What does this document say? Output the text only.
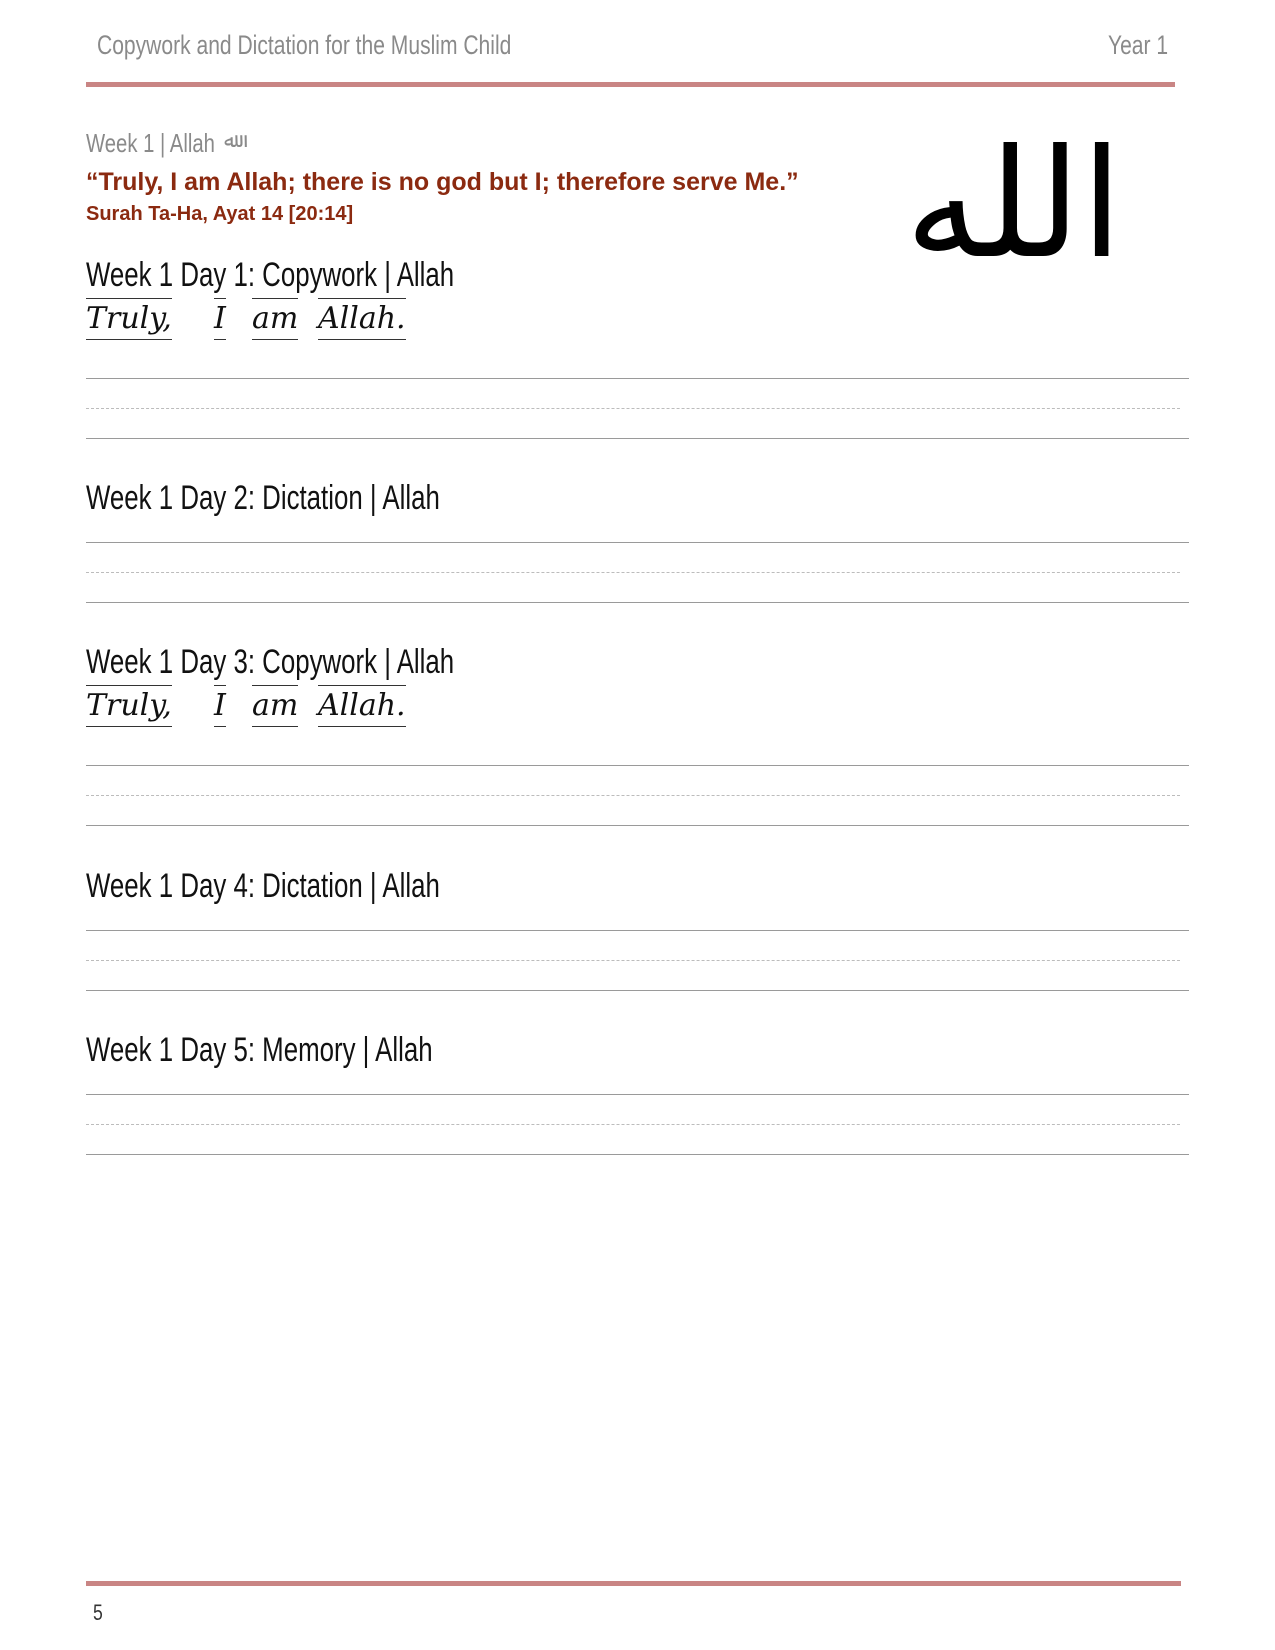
Copywork and Dictation for the Muslim Child	Year 1
Week 1 | Allah ﷲ
“Truly, I am Allah; there is no god but I; therefore serve Me.”
Surah Ta-Ha, Ayat 14 [20:14]	الله
Week 1 Day 1: Copywork | Allah
Truly, I am Allah.
Week 1 Day 2: Dictation | Allah
Week 1 Day 3: Copywork | Allah
Truly, I am Allah.
Week 1 Day 4: Dictation | Allah
Week 1 Day 5: Memory | Allah
5
